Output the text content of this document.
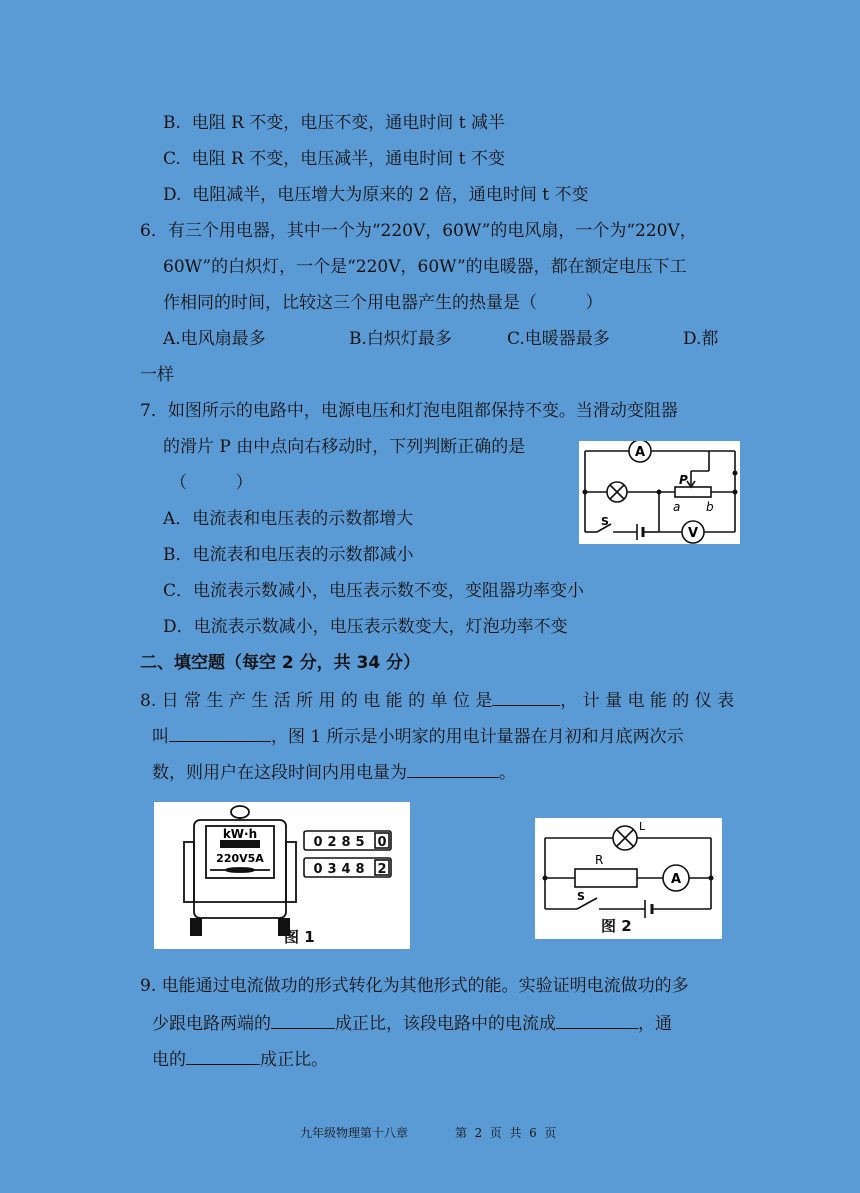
B.  电阻 R 不变，电压不变，通电时间 t 减半
C.  电阻 R 不变，电压减半，通电时间 t 不变
D.  电阻减半，电压增大为原来的 2 倍，通电时间 t 不变
6．有三个用电器，其中一个为“220V，60W”的电风扇，一个为“220V，
60W”的白炽灯，一个是“220V，60W”的电暖器，都在额定电压下工
作相同的时间，比较这三个用电器产生的热量是（         ）
A.电风扇最多	B.白炽灯最多	C.电暖器最多	D.都
一样
7．如图所示的电路中，电源电压和灯泡电阻都保持不变。当滑动变阻器
的滑片 P 由中点向右移动时，下列判断正确的是
（         ）
A．电流表和电压表的示数都增大
B．电流表和电压表的示数都减小
C．电流表示数减小，电压表示数不变，变阻器功率变小
D．电流表示数减小，电压表示数变大，灯泡功率不变
A
V
P
a b
S
二、填空题（每空 2 分，共 34 分）
8. 日 常 生 产 生 活 所 用 的 电 能 的 单 位 是	， 计 量 电 能 的 仪 表
叫	，图 1 所示是小明家的用电计量器在月初和月底两次示
数，则用户在这段时间内用电量为	。
kW·h
220V5A
0 2 8 5 0
0 3 4 8 2
图 1
L
R
A
S
图 2
9. 电能通过电流做功的形式转化为其他形式的能。实验证明电流做功的多
少跟电路两端的	成正比，该段电路中的电流成	，通
电的	成正比。
九年级物理第十八章	第  2  页  共  6  页
